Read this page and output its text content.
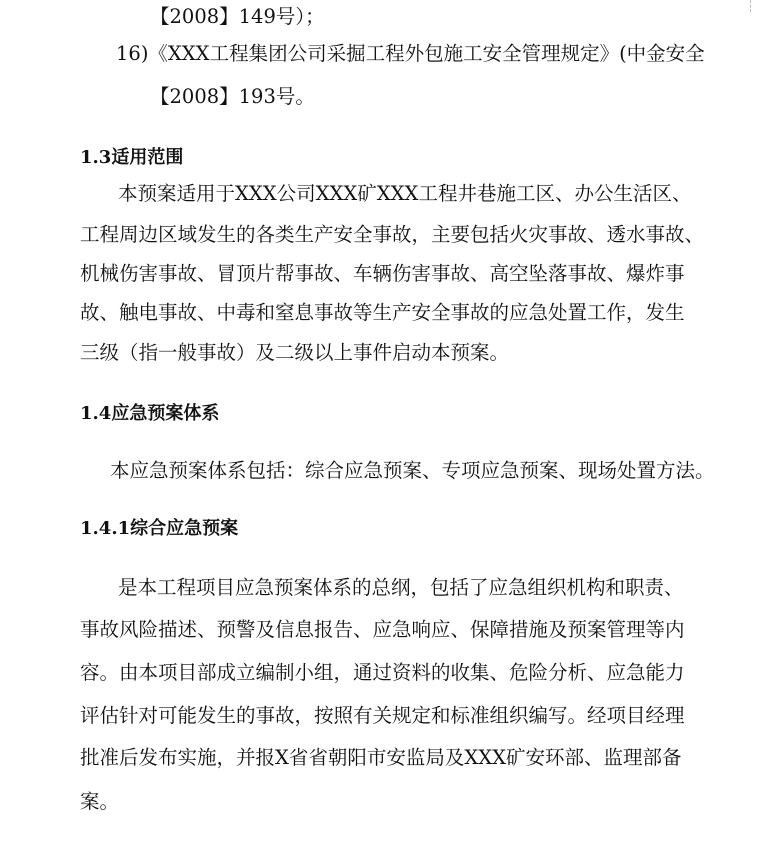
【2008】149号）；
16)《XXX工程集团公司采掘工程外包施工安全管理规定》(中金安全
【2008】193号。
1.3适用范围
本预案适用于XXX公司XXX矿XXX工程井巷施工区、办公生活区、
工程周边区域发生的各类生产安全事故，主要包括火灾事故、透水事故、
机械伤害事故、冒顶片帮事故、车辆伤害事故、高空坠落事故、爆炸事
故、触电事故、中毒和窒息事故等生产安全事故的应急处置工作，发生
三级（指一般事故）及二级以上事件启动本预案。
1.4应急预案体系
本应急预案体系包括：综合应急预案、专项应急预案、现场处置方法。
1.4.1综合应急预案
是本工程项目应急预案体系的总纲，包括了应急组织机构和职责、
事故风险描述、预警及信息报告、应急响应、保障措施及预案管理等内
容。由本项目部成立编制小组，通过资料的收集、危险分析、应急能力
评估针对可能发生的事故，按照有关规定和标准组织编写。经项目经理
批准后发布实施，并报X省省朝阳市安监局及XXX矿安环部、监理部备
案。
